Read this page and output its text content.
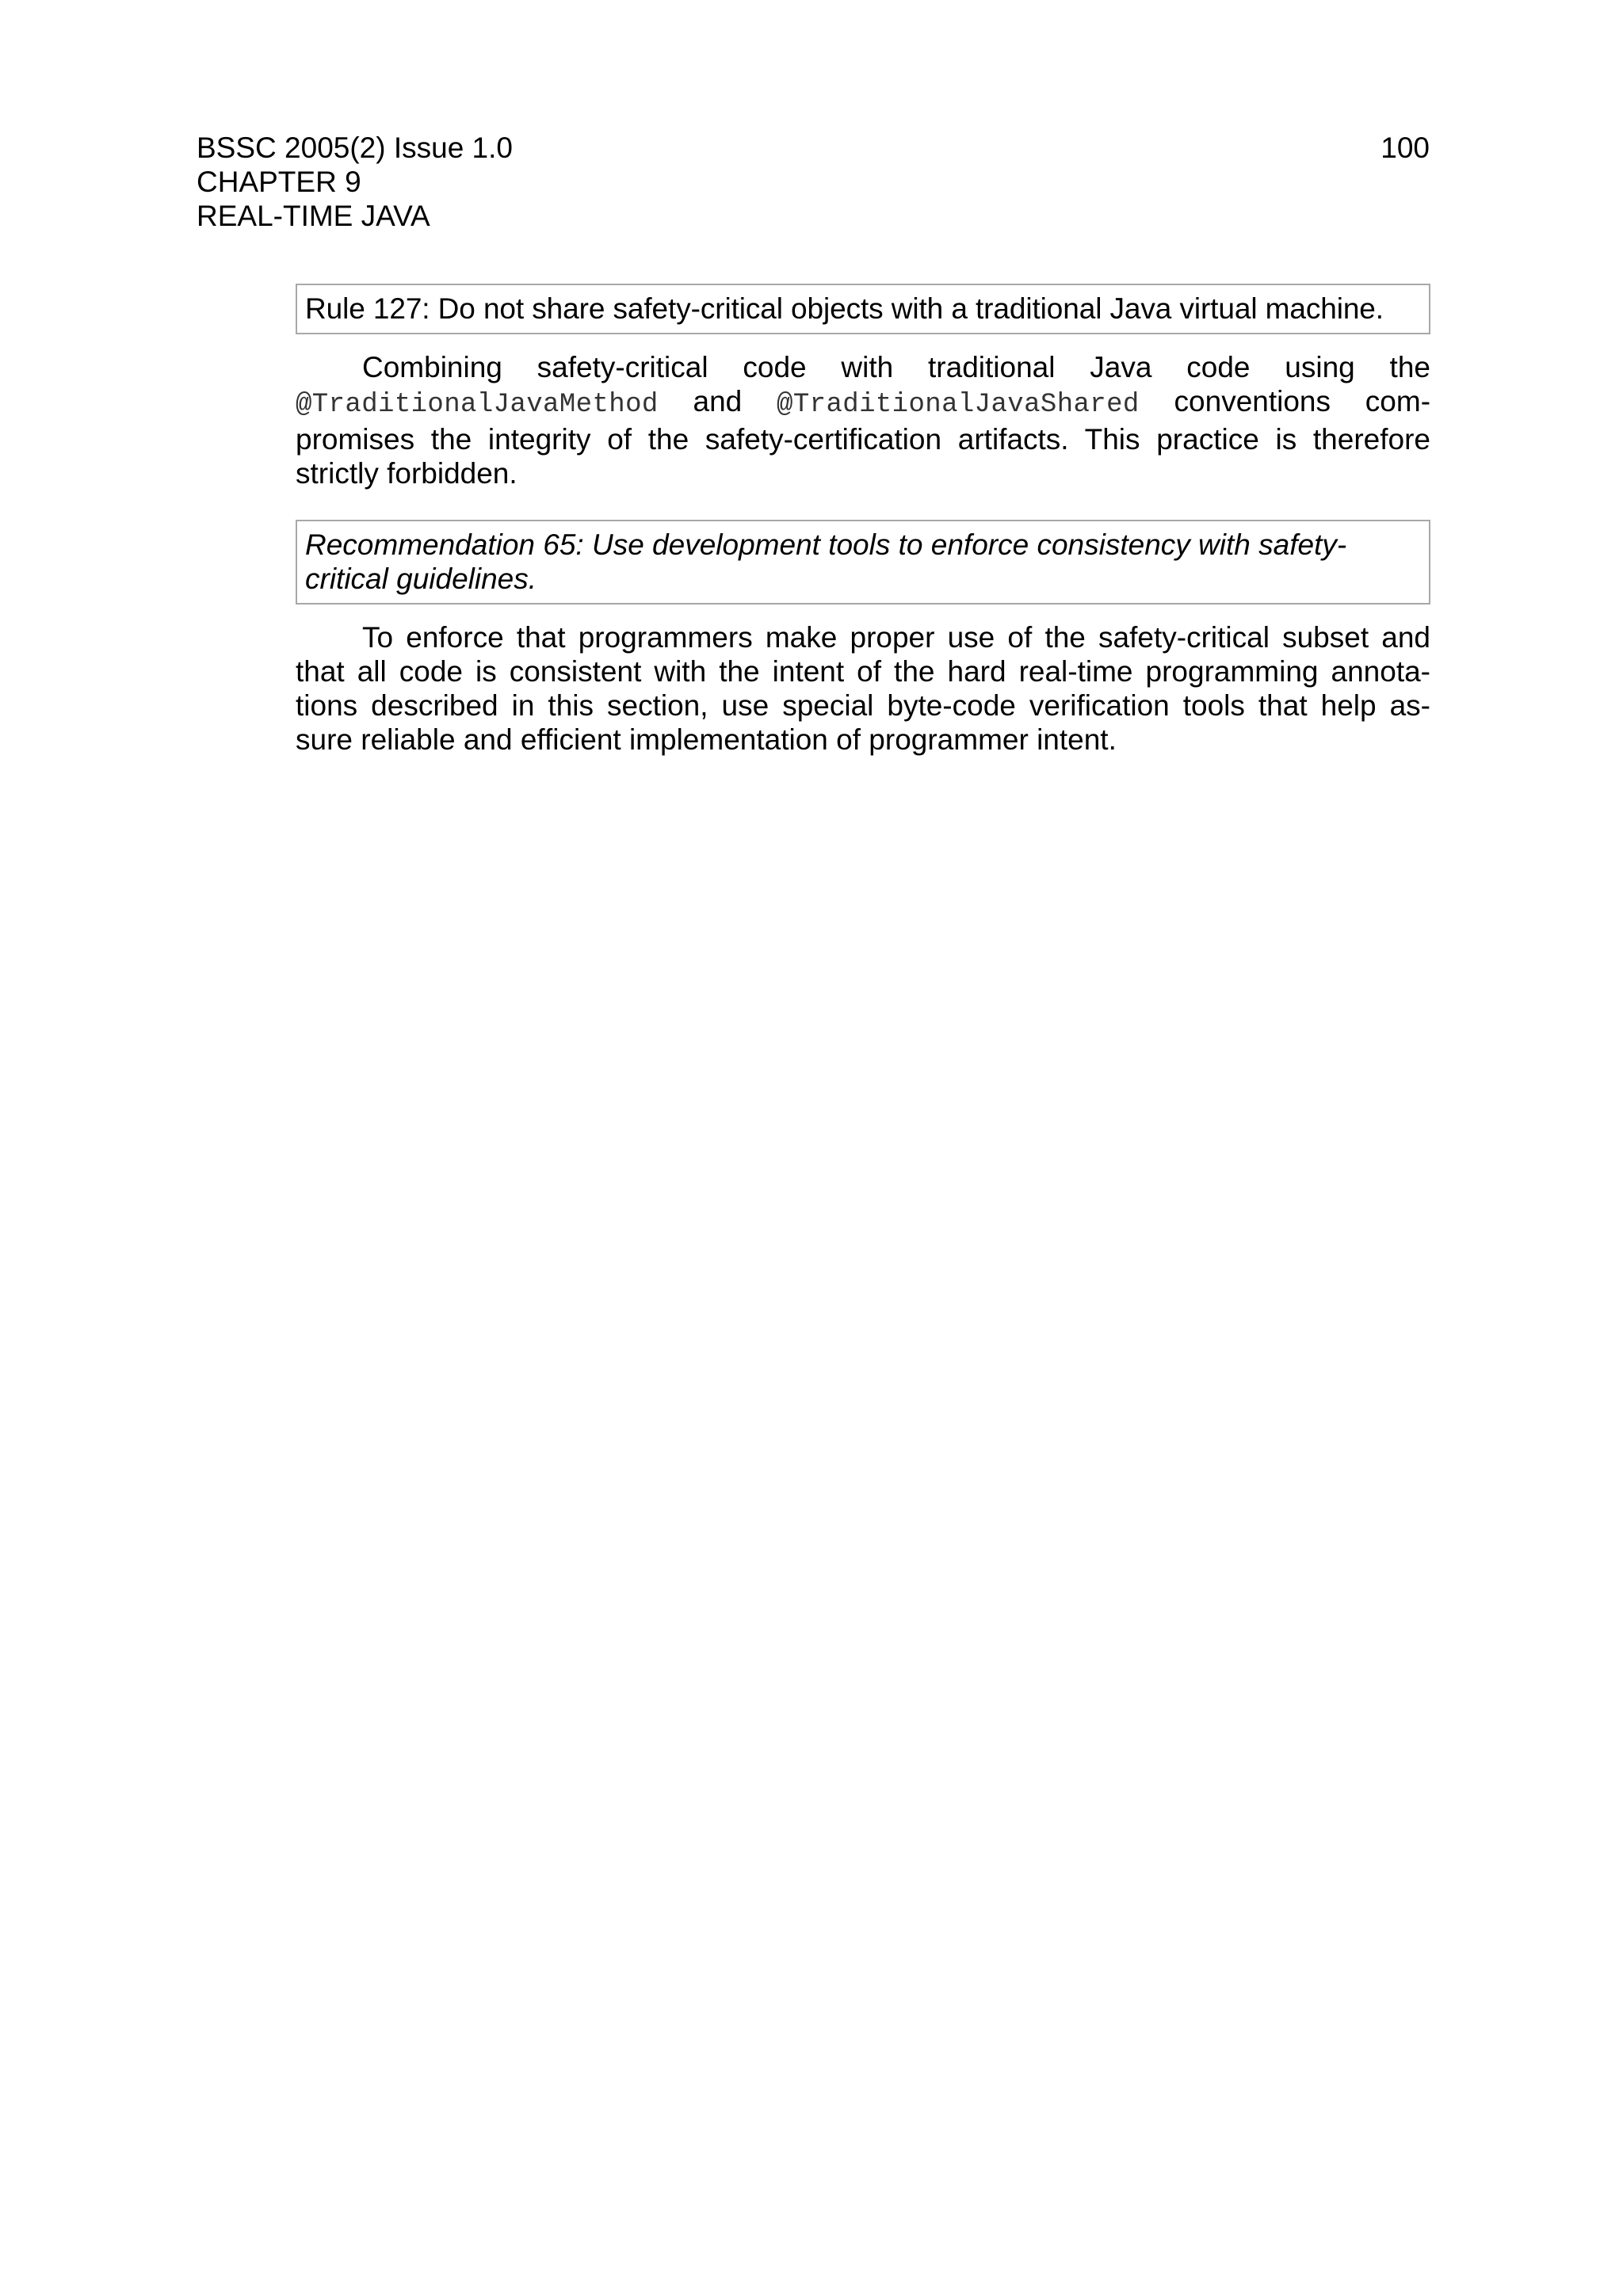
BSSC 2005(2) Issue 1.0
CHAPTER 9
REAL-TIME JAVA
100
Rule 127: Do not share safety-critical objects with a traditional Java virtual machine.
Combining safety-critical code with traditional Java code using the
@TraditionalJavaMethod and @TraditionalJavaShared conventions com-
promises the integrity of the safety-certification artifacts. This practice is therefore
strictly forbidden.
Recommendation 65: Use development tools to enforce consistency with safety-
critical guidelines.
To enforce that programmers make proper use of the safety-critical subset and
that all code is consistent with the intent of the hard real-time programming annota-
tions described in this section, use special byte-code verification tools that help as-
sure reliable and efficient implementation of programmer intent.
